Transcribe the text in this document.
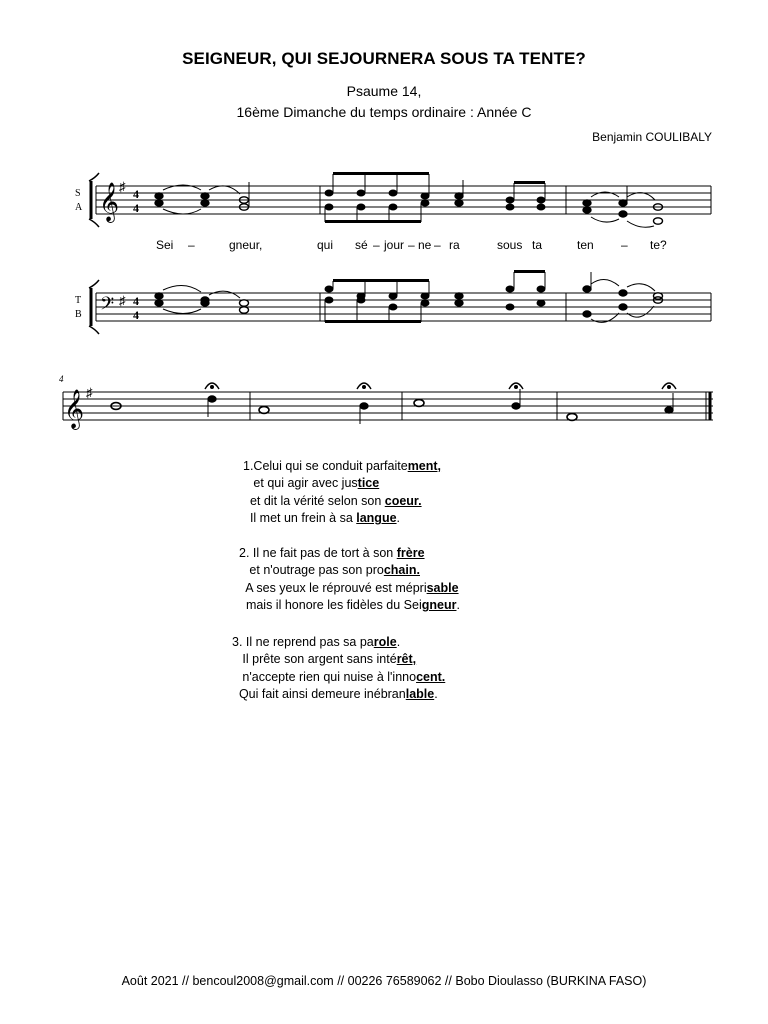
SEIGNEUR, QUI SEJOURNERA SOUS TA TENTE?
Psaume 14,
16ème Dimanche du temps ordinaire : Année C
Benjamin COULIBALY
S
A
T
B
𝄞
𝄢
♯
♯
4
4
4
4
Sei –	gneur,	qui sé – jour – ne – ra	sous ta	ten – te?
4
𝄞 ♯
1.Celui qui se conduit parfaitement,
et qui agir avec justice
et dit la vérité selon son coeur.
Il met un frein à sa langue.
2. Il ne fait pas de tort à son frère
et n'outrage pas son prochain.
A ses yeux le réprouvé est méprisable
mais il honore les fidèles du Seigneur.
3. Il ne reprend pas sa parole.
Il prête son argent sans intérêt,
n'accepte rien qui nuise à l'innocent.
Qui fait ainsi demeure inébranlable.
Août 2021 // bencoul2008@gmail.com // 00226 76589062 // Bobo Dioulasso (BURKINA FASO)
